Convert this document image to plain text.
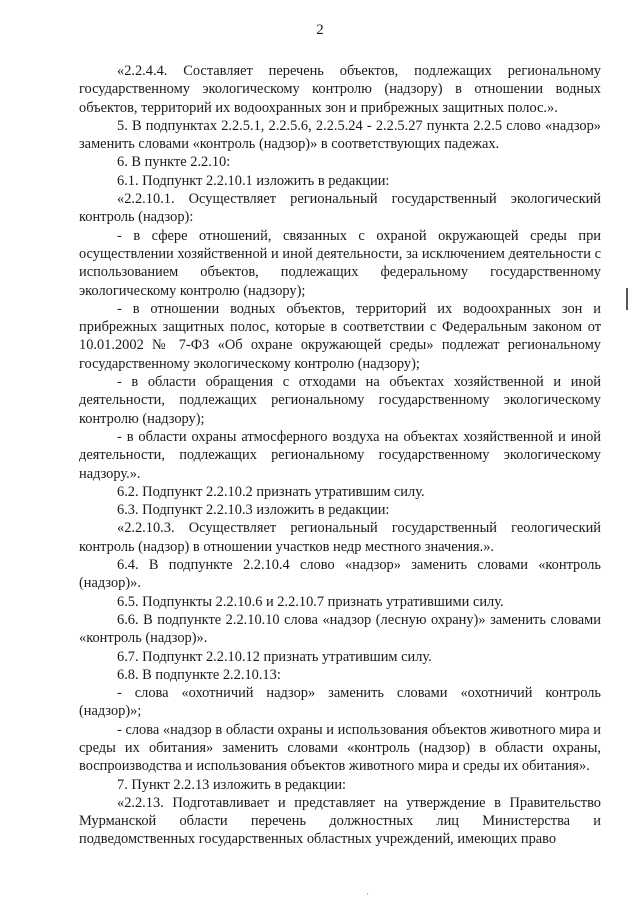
2

«2.2.4.4. Составляет перечень объектов, подлежащих региональному государственному экологическому контролю (надзору) в отношении водных объектов, территорий их водоохранных зон и прибрежных защитных полос.».

5. В подпунктах 2.2.5.1, 2.2.5.6, 2.2.5.24 - 2.2.5.27 пункта 2.2.5 слово «надзор» заменить словами «контроль (надзор)» в соответствующих падежах.

6. В пункте 2.2.10:

6.1. Подпункт 2.2.10.1 изложить в редакции:

«2.2.10.1. Осуществляет региональный государственный экологический контроль (надзор):

- в сфере отношений, связанных с охраной окружающей среды при осуществлении хозяйственной и иной деятельности, за исключением деятельности с использованием объектов, подлежащих федеральному государственному экологическому контролю (надзору);

- в отношении водных объектов, территорий их водоохранных зон и прибрежных защитных полос, которые в соответствии с Федеральным законом от 10.01.2002 № 7-ФЗ «Об охране окружающей среды» подлежат региональному государственному экологическому контролю (надзору);

- в области обращения с отходами на объектах хозяйственной и иной деятельности, подлежащих региональному государственному экологическому контролю (надзору);

- в области охраны атмосферного воздуха на объектах хозяйственной и иной деятельности, подлежащих региональному государственному экологическому надзору.».

6.2. Подпункт 2.2.10.2 признать утратившим силу.

6.3. Подпункт 2.2.10.3 изложить в редакции:

«2.2.10.3. Осуществляет региональный государственный геологический контроль (надзор) в отношении участков недр местного значения.».

6.4. В подпункте 2.2.10.4 слово «надзор» заменить словами «контроль (надзор)».

6.5. Подпункты 2.2.10.6 и 2.2.10.7 признать утратившими силу.

6.6. В подпункте 2.2.10.10 слова «надзор (лесную охрану)» заменить словами «контроль (надзор)».

6.7. Подпункт 2.2.10.12 признать утратившим силу.

6.8. В подпункте 2.2.10.13:

- слова «охотничий надзор» заменить словами «охотничий контроль (надзор)»;

- слова «надзор в области охраны и использования объектов животного мира и среды их обитания» заменить словами «контроль (надзор) в области охраны, воспроизводства и использования объектов животного мира и среды их обитания».

7. Пункт 2.2.13 изложить в редакции:

«2.2.13. Подготавливает и представляет на утверждение в Правительство Мурманской области перечень должностных лиц Министерства и подведомственных государственных областных учреждений, имеющих право

·
